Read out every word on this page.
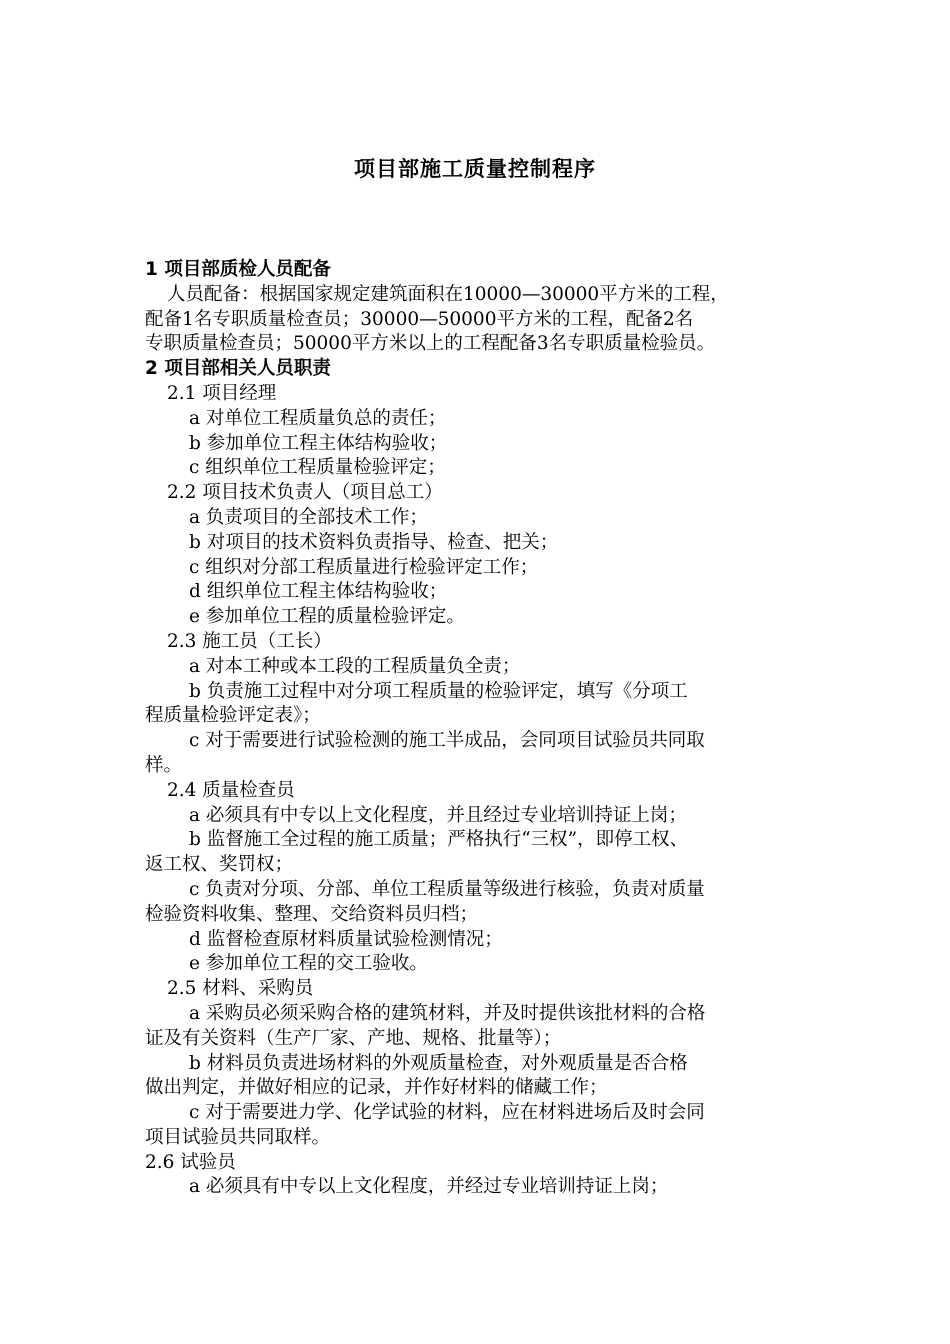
项目部施工质量控制程序
1 项目部质检人员配备
人员配备：根据国家规定建筑面积在10000—30000平方米的工程，
配备1名专职质量检查员；30000—50000平方米的工程，配备2名
专职质量检查员；50000平方米以上的工程配备3名专职质量检验员。
2 项目部相关人员职责
2.1 项目经理
a 对单位工程质量负总的责任；
b 参加单位工程主体结构验收；
c 组织单位工程质量检验评定；
2.2 项目技术负责人（项目总工）
a 负责项目的全部技术工作；
b 对项目的技术资料负责指导、检查、把关；
c 组织对分部工程质量进行检验评定工作；
d 组织单位工程主体结构验收；
e 参加单位工程的质量检验评定。
2.3 施工员（工长）
a 对本工种或本工段的工程质量负全责；
b 负责施工过程中对分项工程质量的检验评定，填写《分项工
程质量检验评定表》；
c 对于需要进行试验检测的施工半成品，会同项目试验员共同取
样。
2.4 质量检查员
a 必须具有中专以上文化程度，并且经过专业培训持证上岗；
b 监督施工全过程的施工质量；严格执行“三权”，即停工权、
返工权、奖罚权；
c 负责对分项、分部、单位工程质量等级进行核验，负责对质量
检验资料收集、整理、交给资料员归档；
d 监督检查原材料质量试验检测情况；
e 参加单位工程的交工验收。
2.5 材料、采购员
a 采购员必须采购合格的建筑材料，并及时提供该批材料的合格
证及有关资料（生产厂家、产地、规格、批量等）；
b 材料员负责进场材料的外观质量检查，对外观质量是否合格
做出判定，并做好相应的记录，并作好材料的储藏工作；
c 对于需要进力学、化学试验的材料，应在材料进场后及时会同
项目试验员共同取样。
2.6 试验员
a 必须具有中专以上文化程度，并经过专业培训持证上岗；
